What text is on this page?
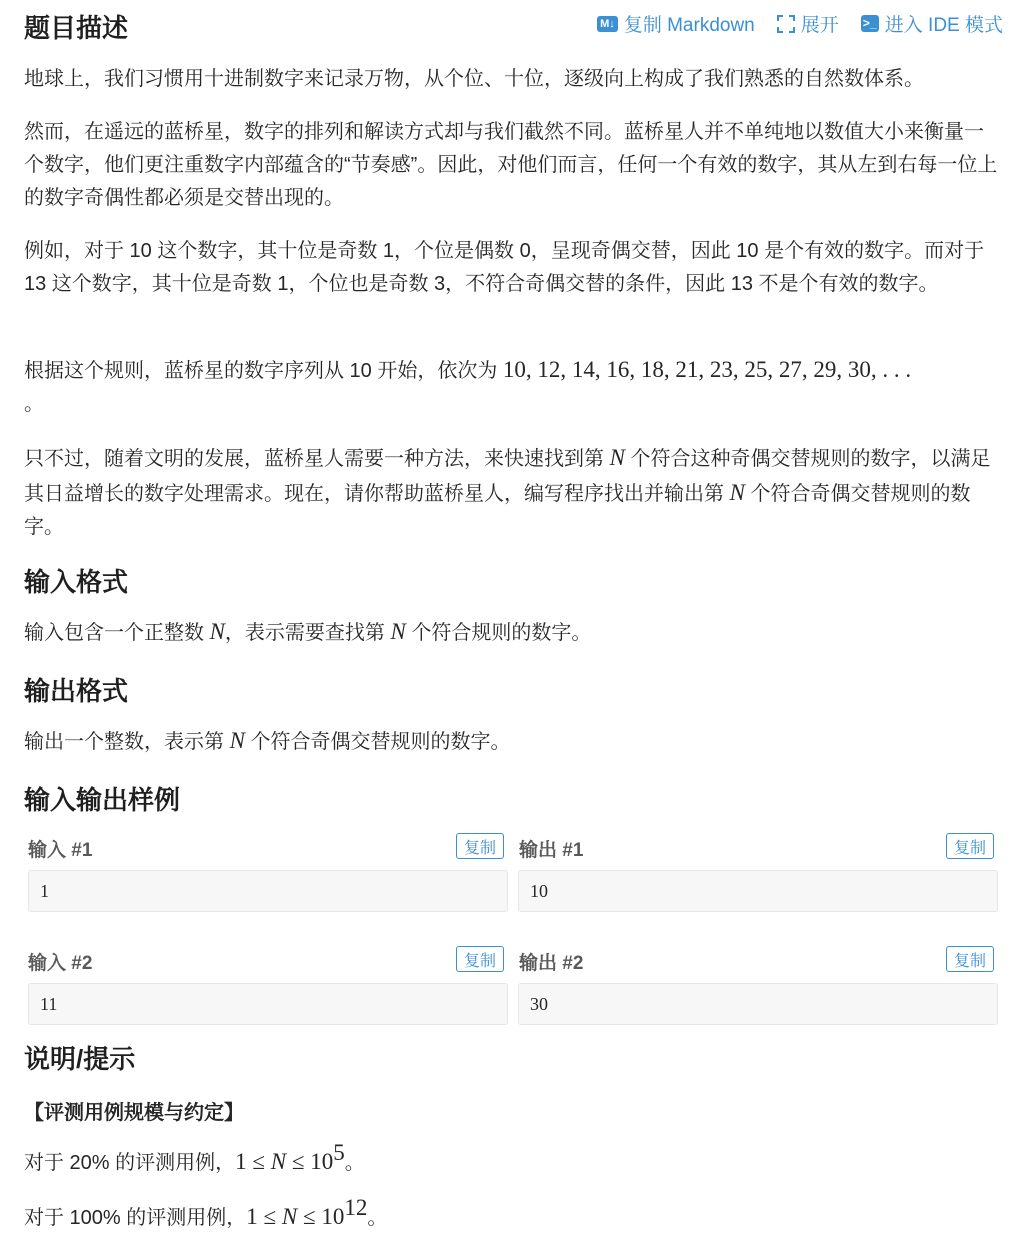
题目描述	M↓ 复制 Markdown 展开 >_ 进入 IDE 模式

地球上，我们习惯用十进制数字来记录万物，从个位、十位，逐级向上构成了我们熟悉的自然数体系。

然而，在遥远的蓝桥星，数字的排列和解读方式却与我们截然不同。蓝桥星人并不单纯地以数值大小来衡量一个数字，他们更注重数字内部蕴含的“节奏感”。因此，对他们而言，任何一个有效的数字，其从左到右每一位上的数字奇偶性都必须是交替出现的。

例如，对于 10 这个数字，其十位是奇数 1，个位是偶数 0，呈现奇偶交替，因此 10 是个有效的数字。而对于 13 这个数字，其十位是奇数 1，个位也是奇数 3，不符合奇偶交替的条件，因此 13 不是个有效的数字。

根据这个规则，蓝桥星的数字序列从 10 开始，依次为 10, 12, 14, 16, 18, 21, 23, 25, 27, 29, 30, . . .
。

只不过，随着文明的发展，蓝桥星人需要一种方法，来快速找到第 N 个符合这种奇偶交替规则的数字，以满足其日益增长的数字处理需求。现在，请你帮助蓝桥星人，编写程序找出并输出第 N 个符合奇偶交替规则的数字。

输入格式

输入包含一个正整数 N，表示需要查找第 N 个符合规则的数字。

输出格式

输出一个整数，表示第 N 个符合奇偶交替规则的数字。

输入输出样例
输入 #1	复制
1
输出 #1	复制
10
输入 #2	复制
11
输出 #2	复制
30
说明/提示
【评测用例规模与约定】

对于 20% 的评测用例，$1 \le N \le 10^5$。

对于 100% 的评测用例，$1 \le N \le 10^{12}$。
